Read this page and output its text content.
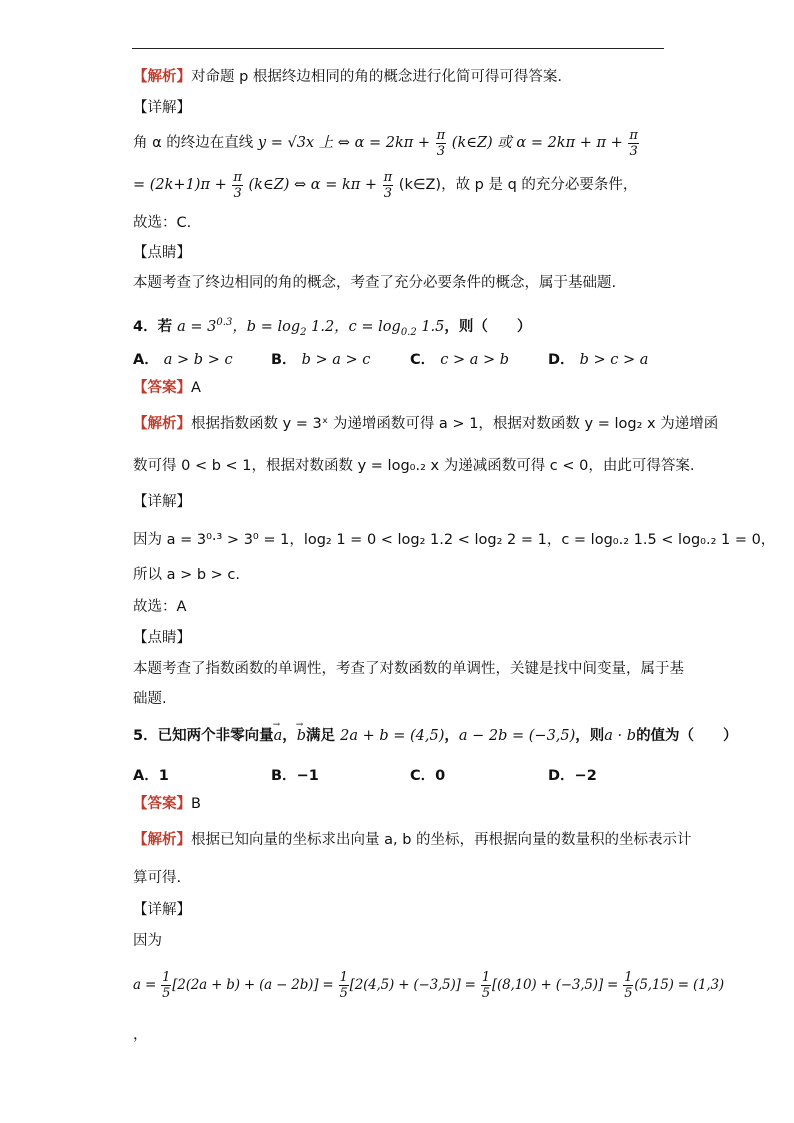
【解析】对命题 p 根据终边相同的角的概念进行化简可得可得答案.
【详解】
角 α 的终边在直线 y = √3x 上 ⇔ $\alpha = 2k\pi + \frac{\pi}{3}$ (k∈Z) 或 $\alpha = 2k\pi + \pi + \frac{\pi}{3}$
= $(2k+1)\pi + \frac{\pi}{3}$ (k∈Z) ⇔ $\alpha = k\pi + \frac{\pi}{3}$ (k∈Z)，故 p 是 q 的充分必要条件，
故选：C.
【点睛】
本题考查了终边相同的角的概念，考查了充分必要条件的概念，属于基础题.
4．若 $a = 3^{0.3}$，$b = \log_2 1.2$，$c = \log_{0.2} 1.5$，则（　　）
A． a > b > c	B． b > a > c	C． c > a > b	D． b > c > a
【答案】A
【解析】根据指数函数 y = 3ˣ 为递增函数可得 a > 1，根据对数函数 y = log₂ x 为递增函
数可得 0 < b < 1，根据对数函数 y = log₀.₂ x 为递减函数可得 c < 0，由此可得答案.
【详解】
因为 a = 3⁰·³ > 3⁰ = 1，log₂ 1 = 0 < log₂ 1.2 < log₂ 2 = 1，c = log₀.₂ 1.5 < log₀.₂ 1 = 0，
所以 a > b > c.
故选：A
【点睛】
本题考查了指数函数的单调性，考查了对数函数的单调性，关键是找中间变量，属于基
础题.
5．已知两个非零向量→ a，→ b满足 2a + b = (4,5)，a − 2b = (−3,5)，则a · b的值为（　　）
A．1	B．−1	C．0	D．−2
【答案】B
【解析】根据已知向量的坐标求出向量 a, b 的坐标，再根据向量的数量积的坐标表示计
算可得.
【详解】
因为
$a = \frac{1}{5} [2(2a + b) + (a - 2b)] = \frac{1}{5} [2(4,5) + (-3,5)] = \frac{1}{5} [(8,10) + (-3,5)] = \frac{1}{5} (5,15) = (1,3)$
，
